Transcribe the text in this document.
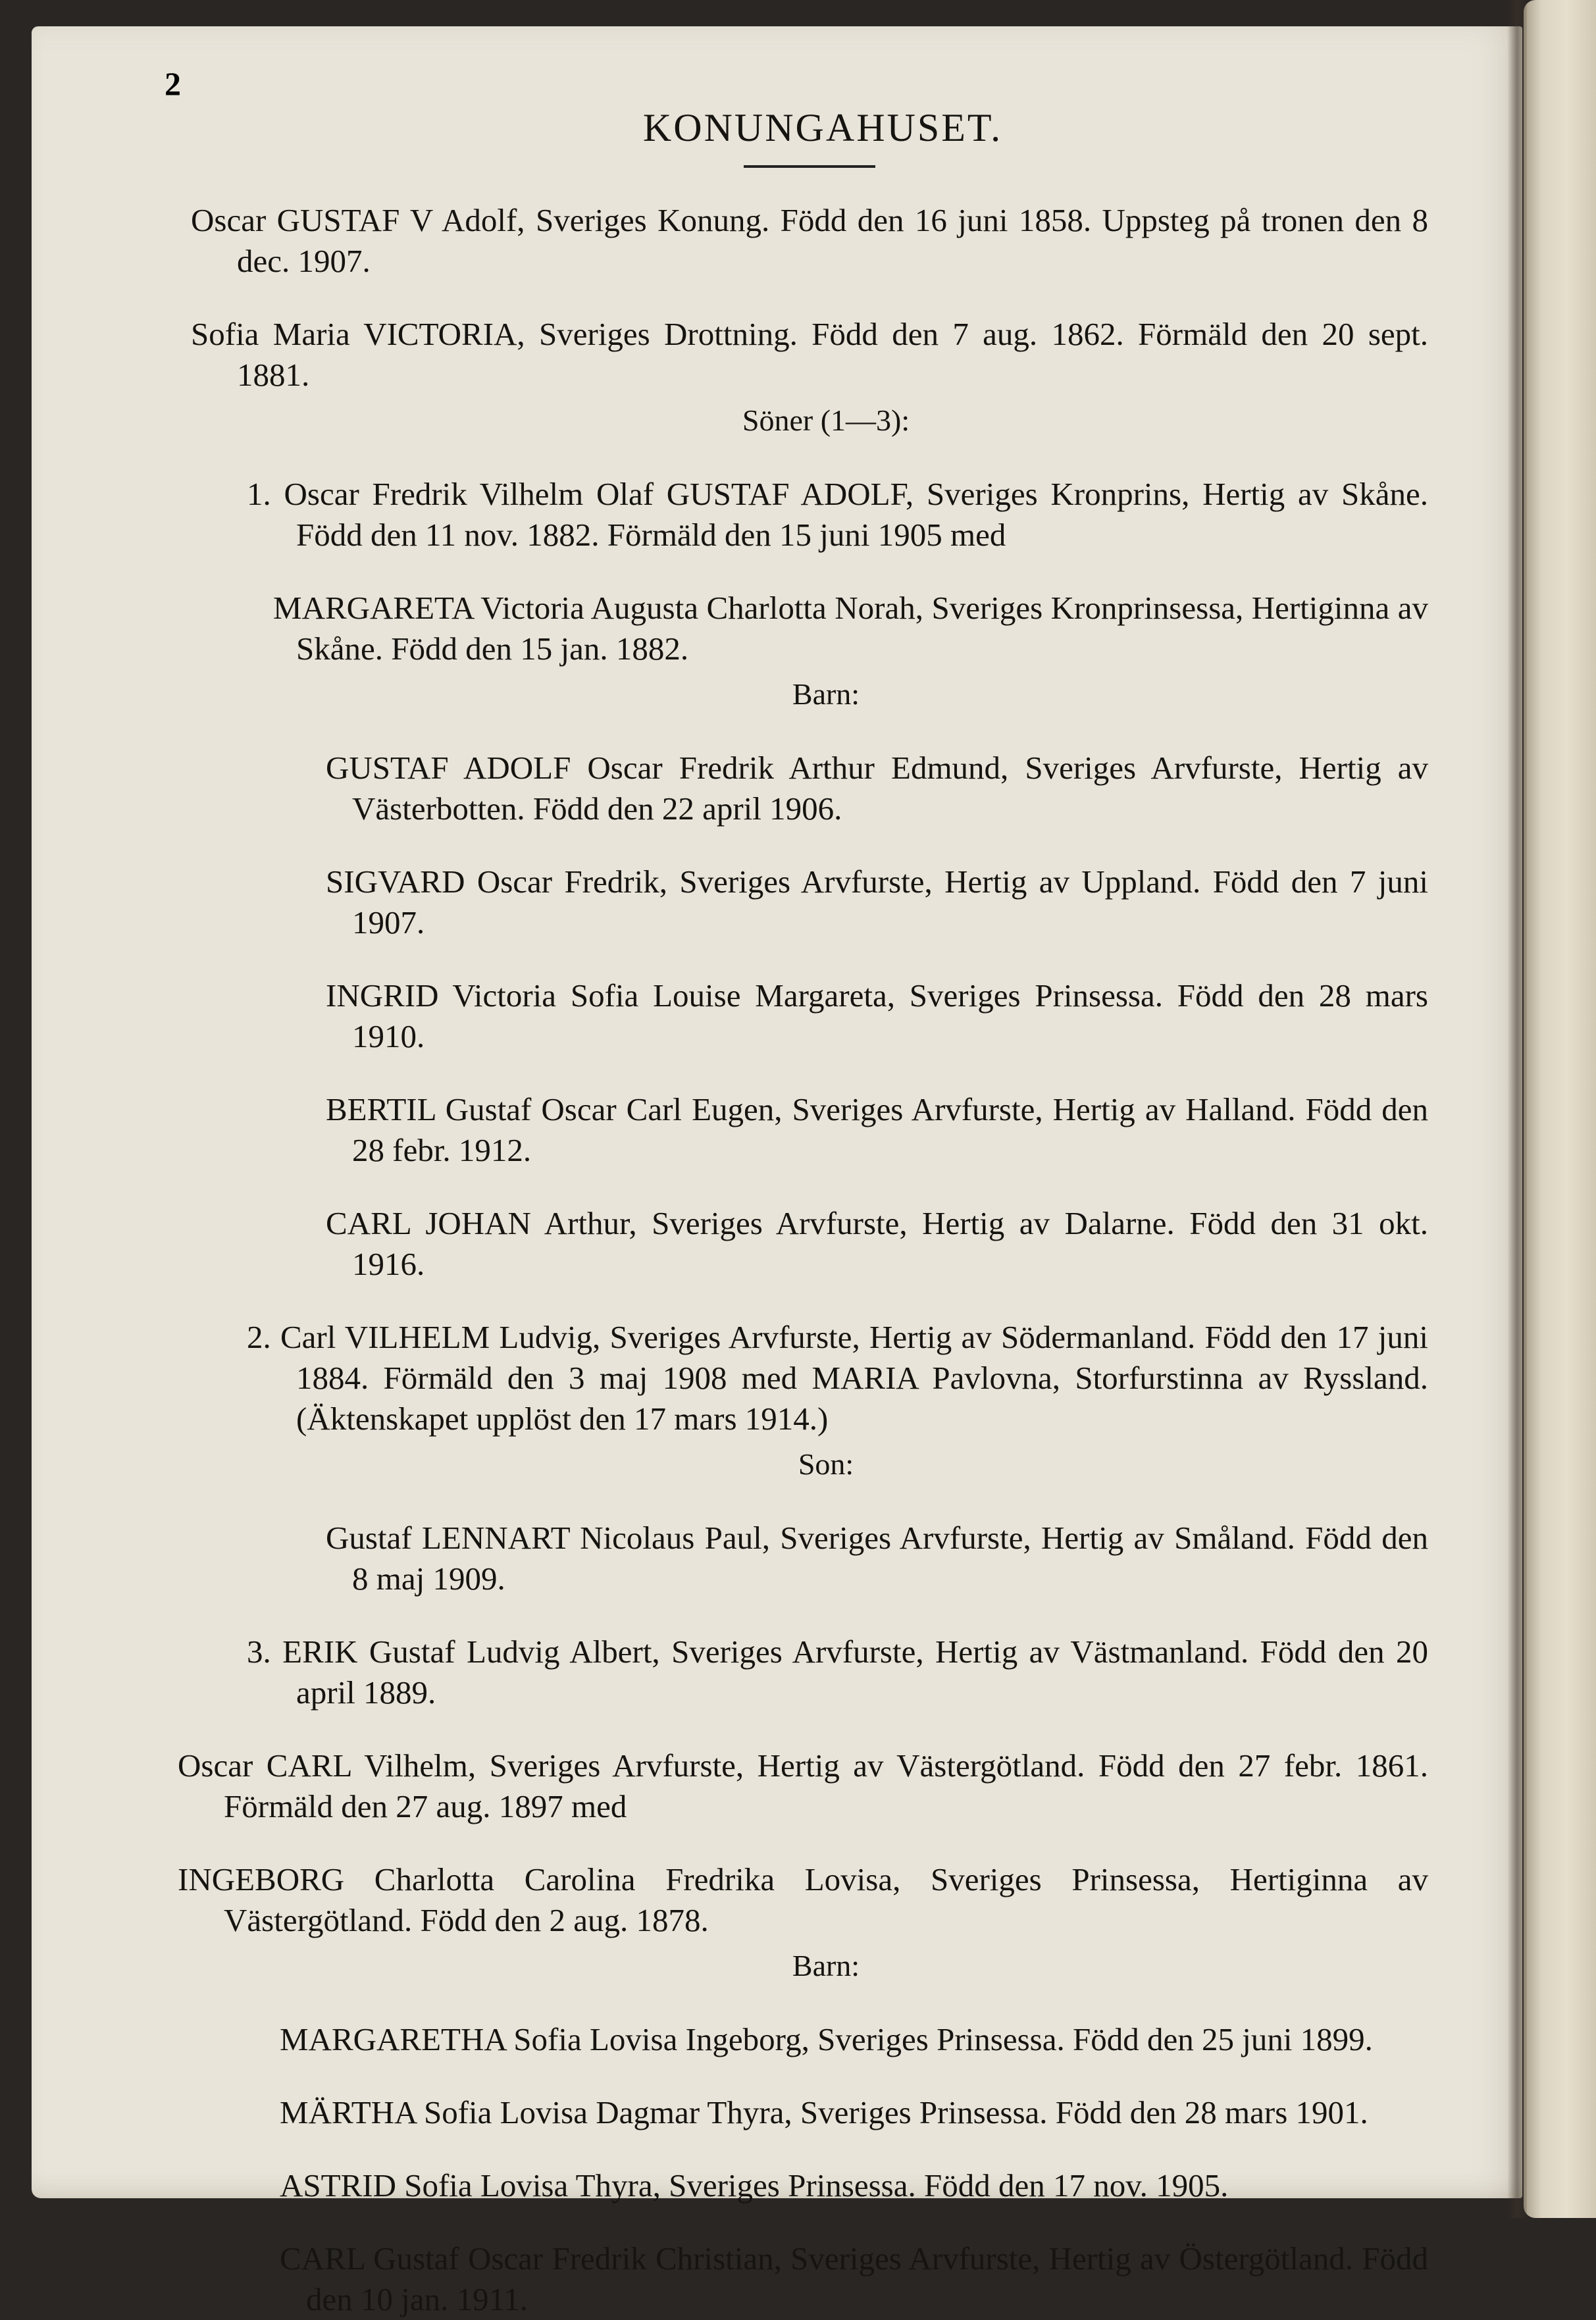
2
KONUNGAHUSET.

Oscar GUSTAF V Adolf, Sveriges Konung. Född den 16 juni 1858. Uppsteg på tronen den 8 dec. 1907.

Sofia Maria VICTORIA, Sveriges Drottning. Född den 7 aug. 1862. Förmäld den 20 sept. 1881.

Söner (1—3):

1. Oscar Fredrik Vilhelm Olaf GUSTAF ADOLF, Sveriges Kronprins, Hertig av Skåne. Född den 11 nov. 1882. Förmäld den 15 juni 1905 med

MARGARETA Victoria Augusta Charlotta Norah, Sveriges Kronprinsessa, Hertiginna av Skåne. Född den 15 jan. 1882.

Barn:

GUSTAF ADOLF Oscar Fredrik Arthur Edmund, Sveriges Arvfurste, Hertig av Västerbotten. Född den 22 april 1906.

SIGVARD Oscar Fredrik, Sveriges Arvfurste, Hertig av Uppland. Född den 7 juni 1907.

INGRID Victoria Sofia Louise Margareta, Sveriges Prinsessa. Född den 28 mars 1910.

BERTIL Gustaf Oscar Carl Eugen, Sveriges Arvfurste, Hertig av Halland. Född den 28 febr. 1912.

CARL JOHAN Arthur, Sveriges Arvfurste, Hertig av Dalarne. Född den 31 okt. 1916.

2. Carl VILHELM Ludvig, Sveriges Arvfurste, Hertig av Södermanland. Född den 17 juni 1884. Förmäld den 3 maj 1908 med MARIA Pavlovna, Storfurstinna av Ryssland. (Äktenskapet upplöst den 17 mars 1914.)

Son:

Gustaf LENNART Nicolaus Paul, Sveriges Arvfurste, Hertig av Småland. Född den 8 maj 1909.

3. ERIK Gustaf Ludvig Albert, Sveriges Arvfurste, Hertig av Västmanland. Född den 20 april 1889.

Oscar CARL Vilhelm, Sveriges Arvfurste, Hertig av Västergötland. Född den 27 febr. 1861. Förmäld den 27 aug. 1897 med

INGEBORG Charlotta Carolina Fredrika Lovisa, Sveriges Prinsessa, Hertiginna av Västergötland. Född den 2 aug. 1878.

Barn:

MARGARETHA Sofia Lovisa Ingeborg, Sveriges Prinsessa. Född den 25 juni 1899.

MÄRTHA Sofia Lovisa Dagmar Thyra, Sveriges Prinsessa. Född den 28 mars 1901.

ASTRID Sofia Lovisa Thyra, Sveriges Prinsessa. Född den 17 nov. 1905.

CARL Gustaf Oscar Fredrik Christian, Sveriges Arvfurste, Hertig av Östergötland. Född den 10 jan. 1911.
